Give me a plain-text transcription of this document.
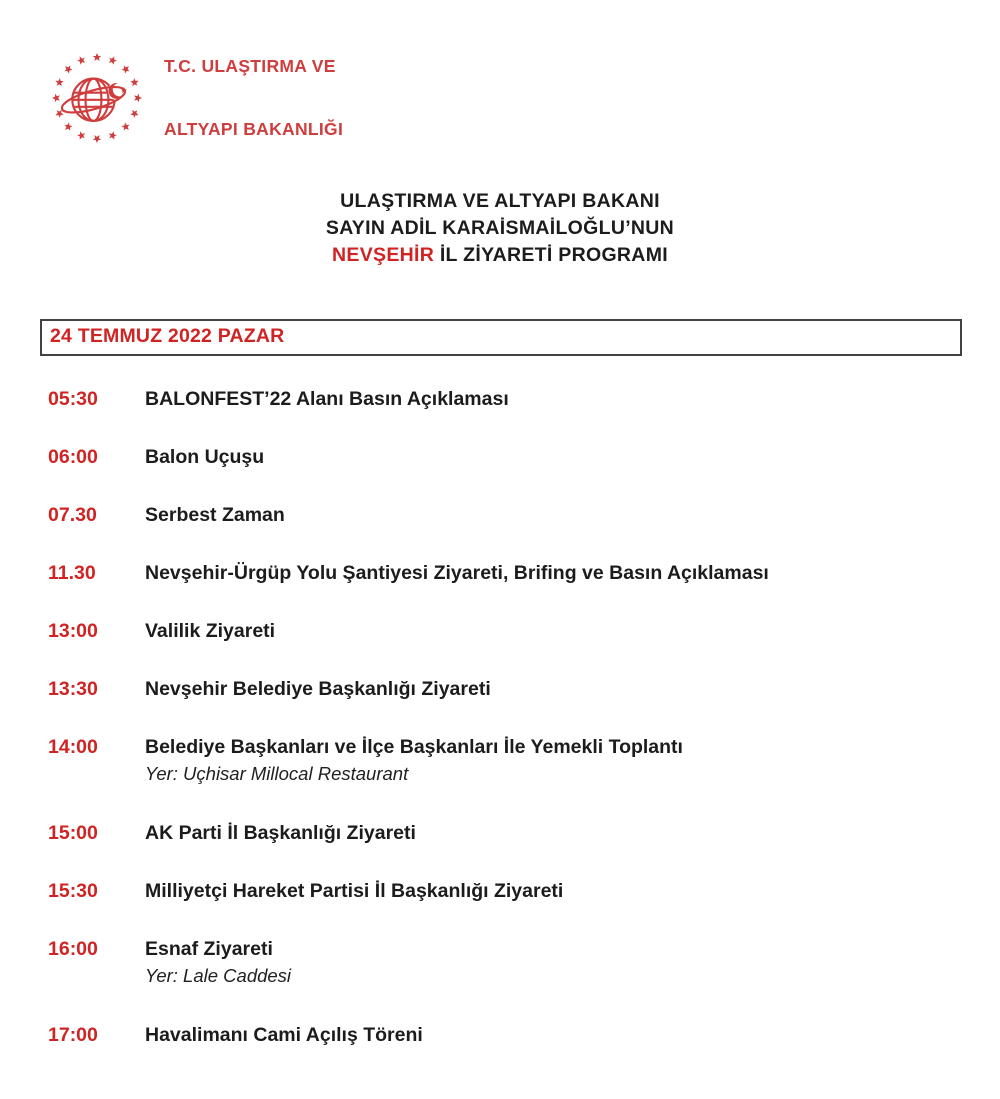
T.C. ULAŞTIRMA VE

ALTYAPI BAKANLIĞI

ULAŞTIRMA VE ALTYAPI BAKANI
SAYIN ADİL KARAİSMAİLOĞLU’NUN
NEVŞEHİR İL ZİYARETİ PROGRAMI
24 TEMMUZ 2022 PAZAR
05:30	BALONFEST’22 Alanı Basın Açıklaması
06:00	Balon Uçuşu
07.30	Serbest Zaman
11.30	Nevşehir-Ürgüp Yolu Şantiyesi Ziyareti, Brifing ve Basın Açıklaması
13:00	Valilik Ziyareti
13:30	Nevşehir Belediye Başkanlığı Ziyareti
14:00	Belediye Başkanları ve İlçe Başkanları İle Yemekli Toplantı
Yer: Uçhisar Millocal Restaurant
15:00	AK Parti İl Başkanlığı Ziyareti
15:30	Milliyetçi Hareket Partisi İl Başkanlığı Ziyareti
16:00	Esnaf Ziyareti
Yer: Lale Caddesi
17:00	Havalimanı Cami Açılış Töreni
